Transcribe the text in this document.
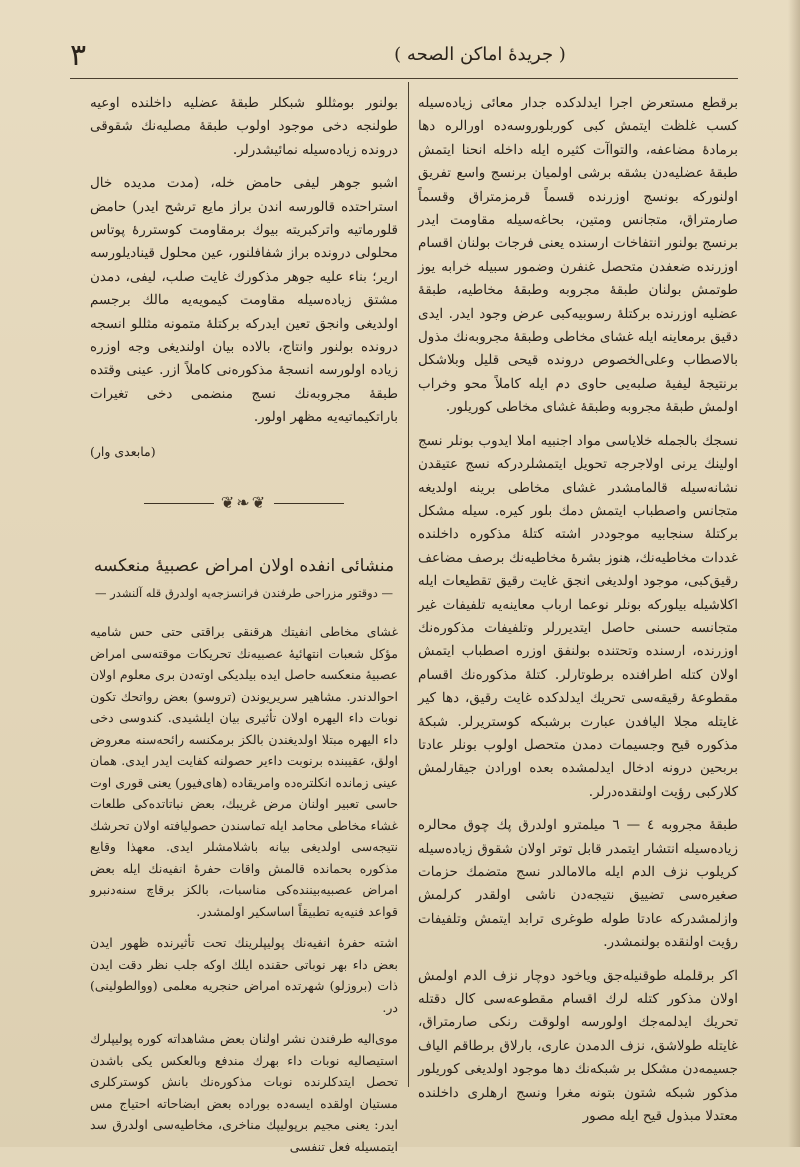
٣	( جريدهٔ اماكن الصحه )

برقطع مستعرض اجرا ایدلدکده جدار معائی زیاده‌سیله کسب غلظت ایتمش کبی کوربلوروسه‌ده اورالره دها برمادهٔ مضاعفه، والتواآت کثیره ایله داخله انحنا ایتمش طبقهٔ عضلیه‌دن بشقه برشی اولمیان برنسج واسع تفریق اولنورکه بونسج اوزرنده قسماً قرمزمتراق وقسماً صارمتراق، متجانس ومتین، بحاغه‌سیله مقاومت ایدر برنسج بولنور انتفاخات ارسنده یعنی فرجات بولنان اقسام اوزرنده ضعفدن متحصل غنفرن وضمور سبیله خرابه یوز طوتمش بولنان طبقهٔ مجروبه وطبقهٔ مخاطیه، طبقهٔ عضلیه اوزرنده برکتلهٔ رسوبیه‌کبی عرض وجود ایدر. ایدی دقیق برمعاینه ایله غشای مخاطی وطبقهٔ مجروبه‌نك مذول بالاصطاب وعلی‌الخصوص درونده قیحی قلیل وبلاشکل برنتیجهٔ لیفیهٔ صلبه‌یی حاوی دم ایله کاملاً محو وخراب اولمش طبقهٔ مجروبه وطبقهٔ غشای مخاطی کوریلور.

نسجك بالجمله خلایاسی مواد اجنبیه املا ایدوب بونلر نسج اولینك یرنی اولاجرجه تحویل ایتمشلردرکه نسج عتیقدن نشانه‌سیله قالمامشدر غشای مخاطی برینه اولدیغه متجانس واصطباب ایتمش دمك بلور کیره. سیله مشکل برکتلهٔ سنجابیه موجوددر اشته کتلهٔ مذکوره داخلنده غددات مخاطیه‌نك، هنوز بشرهٔ مخاطیه‌نك برصف مضاعف رقیق‌کبی، موجود اولدیغی انجق غایت رقیق تقطیعات ایله اکلاشیله بیلورکه بونلر نوعما ارباب معاینه‌یه تلفیفات غیر متجانسه حسنی حاصل ایتدیررلر وتلفیفات مذکوره‌نك اوزرنده، ارسنده وتحتنده بولنفق اوزره اصطباب ایتمش اولان کتله اطرافنده برطوتارلر. کتلهٔ مذکوره‌نك اقسام مقطوعهٔ رقیقه‌سی تحریك ایدلدکده غایت رقیق، دها کیر غایتله مجلا الیافدن عبارت برشبکه کوستریرلر. شبکهٔ مذکوره قیح وجسیمات دمدن متحصل اولوب بونلر عادتا بربحین درونه ادخال ایدلمشده بعده اورادن جیقارلمش کلارکبی رؤیت اولنقده‌درلر.

طبقهٔ مجروبه ٤ — ٦ میلمترو اولدرق پك چوق محالره زیاده‌سیله انتشار ایتمدر قابل توتر اولان شقوق زیاده‌سیله کریلوب نزف الدم ایله مالامالدر نسج متضمك حزمات صغیره‌سی تضییق نتیجه‌دن ناشی اولقدر کرلمش وازلمشدرکه عادتا طوله طوغری ترابد ایتمش وتلفیفات رؤیت اولنقده بولنمشدر.

اکر برقلمله طوقنیله‌جق ویاخود دوچار نزف الدم اولمش اولان مذکور کتله لرك اقسام مقطوعه‌سی کال دقتله تحریك ایدلمه‌جك اولورسه اولوقت رنکی صارمتراق، غایتله طولاشق، نزف الدمدن عاری، بارلاق برطاقم الیاف جسیمه‌دن مشکل بر شبکه‌نك دها موجود اولدیغی کوریلور مذکور شبکه شتون بتونه مغرا ونسج ارهلری داخلنده معتدلا مبذول قیح ایله مصور

بولنور بومثللو شبکلر طبقهٔ عضلیه داخلنده اوعیه طولنجه دخی موجود اولوب طبقهٔ مصلیه‌نك شقوقی درونده زیاده‌سیله نمائیشدرلر.

اشبو جوهر لیفی حامض خله، (مدت مدیده خال استراحتده قالورسه اندن براز مایع ترشح ایدر) حامض قلورماتیه واترکبریته بیوك برمقاومت کوستررهٔ پوتاس محلولی درونده براز شفافلنور، عین محلول قینادیلورسه اریر؛ بناء علیه جوهر مذکورك غایت صلب، لیفی، دمدن مشتق زیاده‌سیله مقاومت کیمویه‌یه مالك برجسم اولدیغی وانجق تعین ایدرکه برکتلهٔ متمونه مثللو انسجه درونده بولنور وانتاج، بالاده بیان اولندیغی وجه اوزره زیاده اولورسه انسجهٔ مذکوره‌نی کاملاً ازر. عینی وقتده طبقهٔ مجروبه‌نك نسج منضمی دخی تغیرات باراتکیماتیه‌یه مظهر اولور.

(مابعدی وار)
❦❧❦
منشائی انفده اولان امراض عصبیهٔ منعکسه
— دوقتور مزراحی طرفندن فرانسزجه‌یه اولدرق قله آلنشدر —

غشای مخاطی انفیتك هرقنقی براقتی حتی حس شامیه مؤکل شعبات انتهائیهٔ عصبیه‌نك تحریکات موقته‌سی امراض عصبیهٔ منعکسه حاصل ایده بیلدیکی اوته‌دن بری معلوم اولان احوالدندر. مشاهیر سریریوندن (تروسو) بعض رواتحك تکون نوبات داء الیهره اولان تأثیری بیان ایلشیدی. کندوسی دخی داء الیهره مبتلا اولدیغندن بالکز برمکنسه رائحه‌سنه معروض اولق، عقیبنده برنوبت داءیر حصولنه کفایت ایدر ایدی. همان عینی زمانده انکلتره‌ده وامریقاده (های‌فیور) یعنی قوری اوت حاسی تعبیر اولنان مرض غریبك، بعض نباتاتده‌کی طلعات غشاء مخاطی محامد ایله تماسندن حصولیافته اولان تحرشك نتیجه‌سی اولدیغی بیانه باشلامشلر ایدی. معهذا وقایع مذکوره بحمانده قالمش واقات حفرهٔ انفیه‌نك ایله بعض امراض عصبیه‌بیننده‌کی مناسبات، بالکز برقاچ سنه‌دنبرو قواعد فنیه‌یه تطبیقاً اساسکیر اولمشدر.

اشته حفرهٔ انفیه‌نك پولیپلرینك تحت تأثیرنده ظهور ایدن بعض داء بهر نوباتی حقنده ایلك اوکه جلب نظر دقت ایدن ذات (بروزلو) شهرتده امراض حنجریه معلمی (ووالطولینی) در.

موی‌الیه طرفندن نشر اولنان بعض مشاهداته کوره پولیپلرك استیصالیه نوبات داء بهرك مندفع وبالعکس یکی باشدن تحصل ایتدکلرنده نوبات مذکوره‌نك بانش کوسترکلری مستیان اولقده ایسه‌ده بوراده بعض ابضاحاته احتیاج مس ایدر: یعنی مجیم برپولیپك مناخری، مخاطیه‌سی اولدرق سد ایتمسیله فعل تنفسی
